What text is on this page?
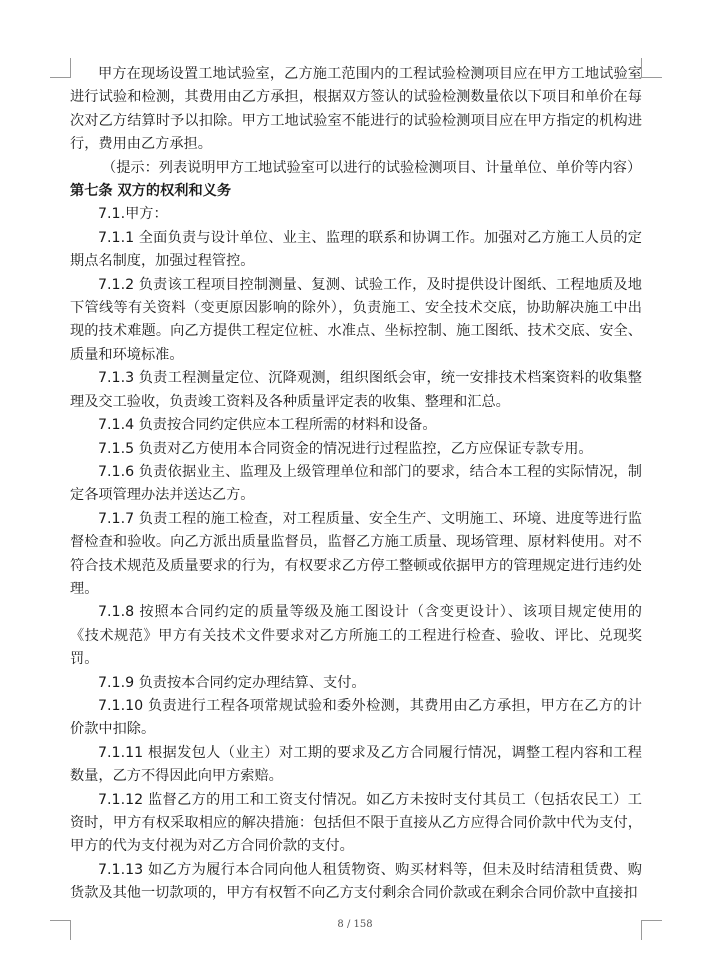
甲方在现场设置工地试验室，乙方施工范围内的工程试验检测项目应在甲方工地试验室进行试验和检测，其费用由乙方承担，根据双方签认的试验检测数量依以下项目和单价在每次对乙方结算时予以扣除。甲方工地试验室不能进行的试验检测项目应在甲方指定的机构进行，费用由乙方承担。

（提示：列表说明甲方工地试验室可以进行的试验检测项目、计量单位、单价等内容）

第七条 双方的权利和义务

7.1.甲方：

7.1.1 全面负责与设计单位、业主、监理的联系和协调工作。加强对乙方施工人员的定期点名制度，加强过程管控。

7.1.2 负责该工程项目控制测量、复测、试验工作，及时提供设计图纸、工程地质及地下管线等有关资料（变更原因影响的除外），负责施工、安全技术交底，协助解决施工中出现的技术难题。向乙方提供工程定位桩、水准点、坐标控制、施工图纸、技术交底、安全、质量和环境标准。

7.1.3 负责工程测量定位、沉降观测，组织图纸会审，统一安排技术档案资料的收集整理及交工验收，负责竣工资料及各种质量评定表的收集、整理和汇总。

7.1.4 负责按合同约定供应本工程所需的材料和设备。

7.1.5 负责对乙方使用本合同资金的情况进行过程监控，乙方应保证专款专用。

7.1.6 负责依据业主、监理及上级管理单位和部门的要求，结合本工程的实际情况，制定各项管理办法并送达乙方。

7.1.7 负责工程的施工检查，对工程质量、安全生产、文明施工、环境、进度等进行监督检查和验收。向乙方派出质量监督员，监督乙方施工质量、现场管理、原材料使用。对不符合技术规范及质量要求的行为，有权要求乙方停工整顿或依据甲方的管理规定进行违约处理。

7.1.8 按照本合同约定的质量等级及施工图设计（含变更设计）、该项目规定使用的《技术规范》甲方有关技术文件要求对乙方所施工的工程进行检查、验收、评比、兑现奖罚。

7.1.9 负责按本合同约定办理结算、支付。

7.1.10 负责进行工程各项常规试验和委外检测，其费用由乙方承担，甲方在乙方的计价款中扣除。

7.1.11 根据发包人（业主）对工期的要求及乙方合同履行情况，调整工程内容和工程数量，乙方不得因此向甲方索赔。

7.1.12 监督乙方的用工和工资支付情况。如乙方未按时支付其员工（包括农民工）工资时，甲方有权采取相应的解决措施：包括但不限于直接从乙方应得合同价款中代为支付，甲方的代为支付视为对乙方合同价款的支付。

7.1.13 如乙方为履行本合同向他人租赁物资、购买材料等，但未及时结清租赁费、购货款及其他一切款项的，甲方有权暂不向乙方支付剩余合同价款或在剩余合同价款中直接扣

8 / 158
